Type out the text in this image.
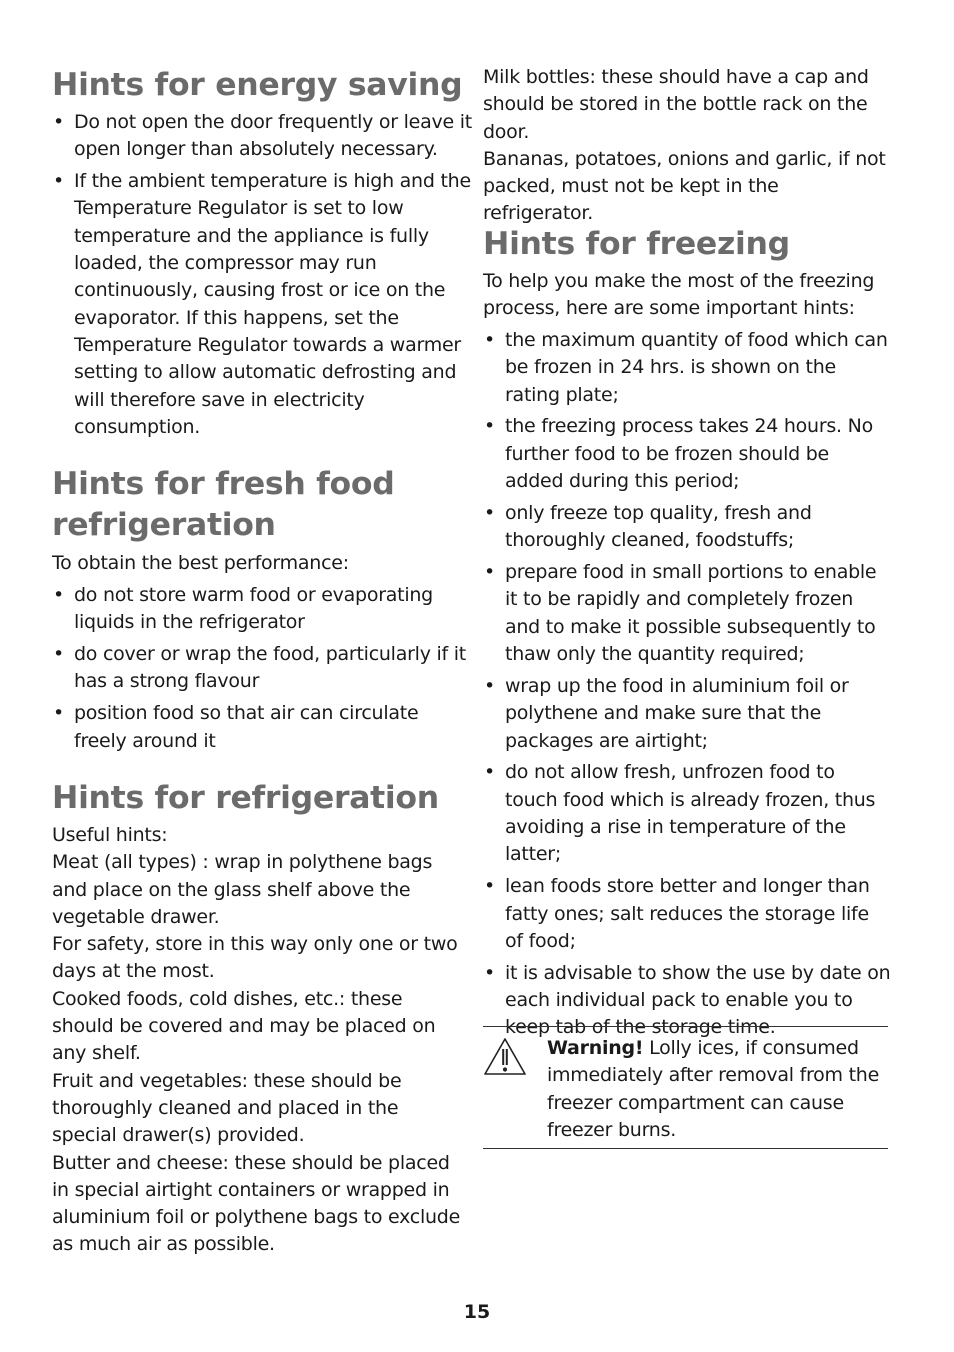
Hints for energy saving
• Do not open the door frequently or leave it open longer than absolutely necessary.
• If the ambient temperature is high and the Temperature Regulator is set to low temperature and the appliance is fully loaded, the compressor may run continuously, causing frost or ice on the evaporator. If this happens, set the Temperature Regulator towards a warmer setting to allow automatic defrosting and will therefore save in electricity consumption.
Hints for fresh food
refrigeration

To obtain the best performance:

• do not store warm food or evaporating liquids in the refrigerator
• do cover or wrap the food, particularly if it has a strong flavour
• position food so that air can circulate freely around it
Hints for refrigeration

Useful hints:
Meat (all types) : wrap in polythene bags and place on the glass shelf above the vegetable drawer.
For safety, store in this way only one or two days at the most.
Cooked foods, cold dishes, etc.: these should be covered and may be placed on any shelf.
Fruit and vegetables: these should be thoroughly cleaned and placed in the special drawer(s) provided.
Butter and cheese: these should be placed in special airtight containers or wrapped in aluminium foil or polythene bags to exclude as much air as possible.

Milk bottles: these should have a cap and should be stored in the bottle rack on the door.
Bananas, potatoes, onions and garlic, if not packed, must not be kept in the refrigerator.

Hints for freezing

To help you make the most of the freezing process, here are some important hints:

• the maximum quantity of food which can be frozen in 24 hrs. is shown on the rating plate;
• the freezing process takes 24 hours. No further food to be frozen should be added during this period;
• only freeze top quality, fresh and thoroughly cleaned, foodstuffs;
• prepare food in small portions to enable it to be rapidly and completely frozen and to make it possible subsequently to thaw only the quantity required;
• wrap up the food in aluminium foil or polythene and make sure that the packages are airtight;
• do not allow fresh, unfrozen food to touch food which is already frozen, thus avoiding a rise in temperature of the latter;
• lean foods store better and longer than fatty ones; salt reduces the storage life of food;
• it is advisable to show the use by date on each individual pack to enable you to keep tab of the storage time.
Warning! Lolly ices, if consumed immediately after removal from the freezer compartment can cause freezer burns.
15
